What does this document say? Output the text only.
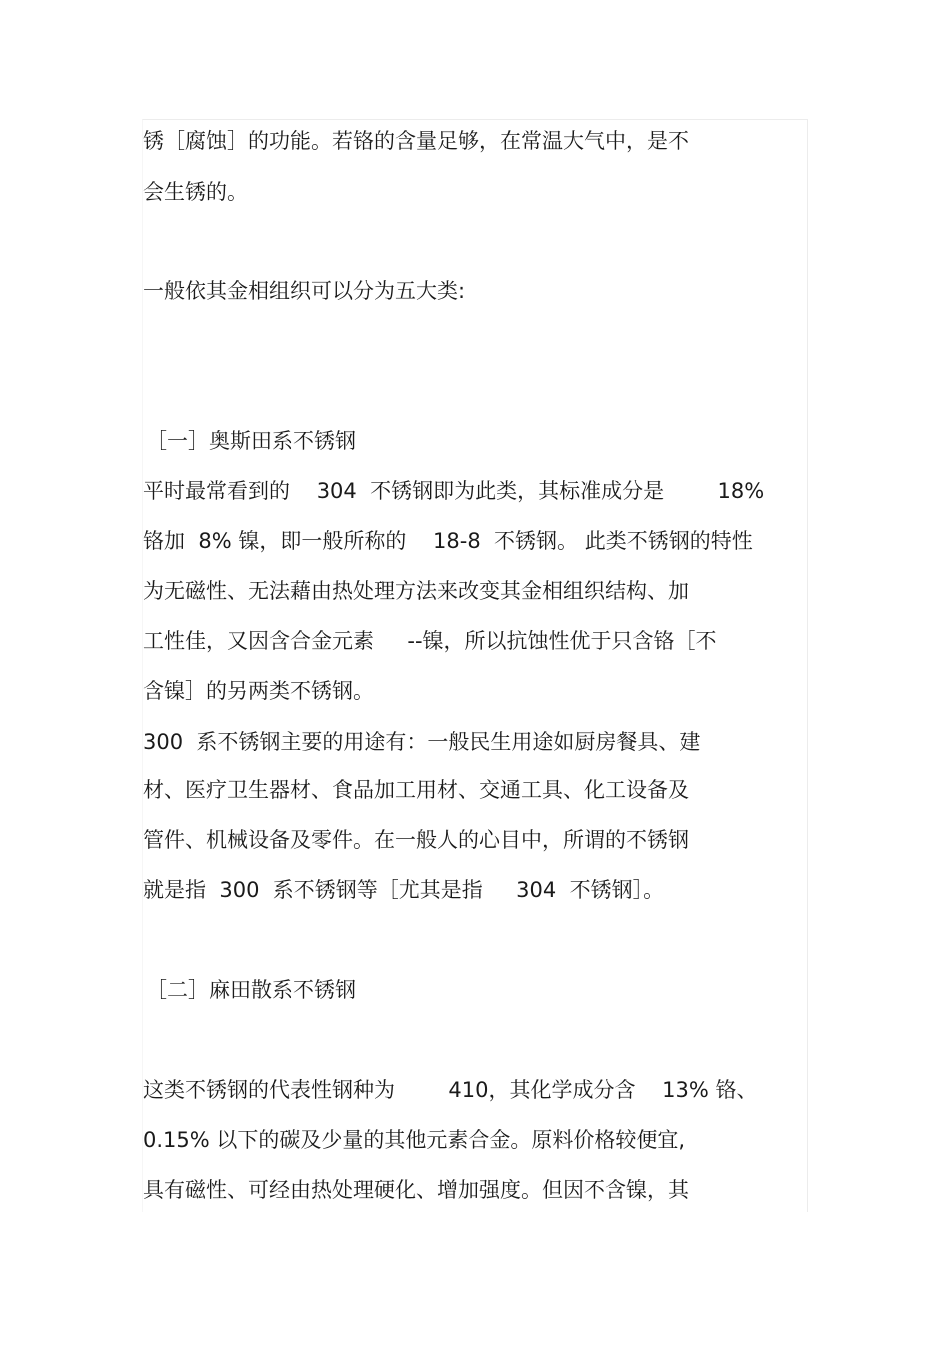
锈［腐蚀］的功能。若铬的含量足够，在常温大气中，是不
会生锈的。
一般依其金相组织可以分为五大类:
［一］奥斯田系不锈钢
平时最常看到的    304  不锈钢即为此类，其标准成分是        18%
铬加  8% 镍，即一般所称的    18-8  不锈钢。 此类不锈钢的特性
为无磁性、无法藉由热处理方法来改变其金相组织结构、加
工性佳，又因含合金元素     --镍，所以抗蚀性优于只含铬［不
含镍］的另两类不锈钢。
300  系不锈钢主要的用途有：一般民生用途如厨房餐具、建
材、医疗卫生器材、食品加工用材、交通工具、化工设备及
管件、机械设备及零件。在一般人的心目中，所谓的不锈钢
就是指  300  系不锈钢等［尤其是指     304  不锈钢］。
［二］麻田散系不锈钢
这类不锈钢的代表性钢种为        410，其化学成分含    13% 铬、
0.15% 以下的碳及少量的其他元素合金。原料价格较便宜,
具有磁性、可经由热处理硬化、增加强度。但因不含镍，其
